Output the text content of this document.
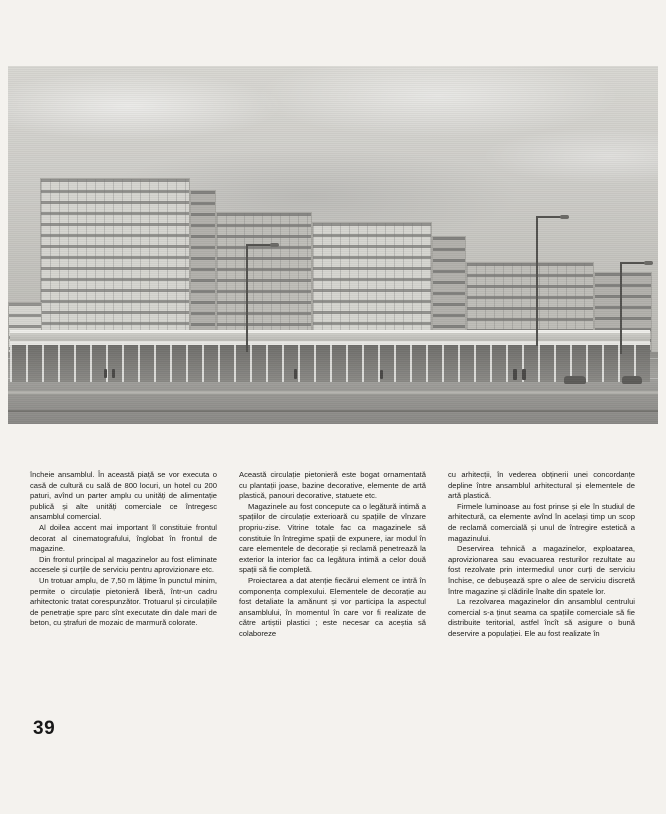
încheie ansamblul. În această piață se vor executa o casă de cultură cu sală de 800 locuri, un hotel cu 200 paturi, avînd un parter amplu cu unități de alimentație publică și alte unități comerciale ce întregesc ansamblul comercial.

Al doilea accent mai important îl constituie frontul decorat al cinematografului, înglobat în frontul de magazine.

Din frontul principal al magazinelor au fost eliminate accesele și curțile de serviciu pentru aprovizionare etc.

Un trotuar amplu, de 7,50 m lățime în punctul minim, permite o circulație pietonieră liberă, într-un cadru arhitectonic tratat corespunzător. Trotuarul și circulațiile de penetrație spre parc sînt executate din dale mari de beton, cu ștrafuri de mozaic de marmură colorate.

Această circulație pietonieră este bogat ornamentată cu plantații joase, bazine decorative, elemente de artă plastică, panouri decorative, statuete etc.

Magazinele au fost concepute ca o legătură intimă a spațiilor de circulație exterioară cu spațiile de vînzare propriu-zise. Vitrine totale fac ca magazinele să constituie în întregime spații de expunere, iar modul în care elementele de decorație și reclamă penetrează la exterior la interior fac ca legătura intimă a celor două spații să fie completă.

Proiectarea a dat atenție fiecărui element ce intră în componența complexului. Elementele de decorație au fost detaliate la amănunt și vor participa la aspectul ansamblului, în momentul în care vor fi realizate de către artiștii plastici ; este necesar ca aceștia să colaboreze

cu arhitecții, în vederea obținerii unei concordanțe depline între ansamblul arhitectural și elementele de artă plastică.

Firmele luminoase au fost prinse și ele în studiul de arhitectură, ca elemente avînd în același timp un scop de reclamă comercială și unul de întregire estetică a magazinului.

Deservirea tehnică a magazinelor, exploatarea, aprovizionarea sau evacuarea resturilor rezultate au fost rezolvate prin intermediul unor curți de serviciu închise, ce debușează spre o alee de serviciu discretă între magazine și clădirile înalte din spatele lor.

La rezolvarea magazinelor din ansamblul centrului comercial s-a ținut seama ca spațiile comerciale să fie distribuite teritorial, astfel încît să asigure o bună deservire a populației. Ele au fost realizate în

39
